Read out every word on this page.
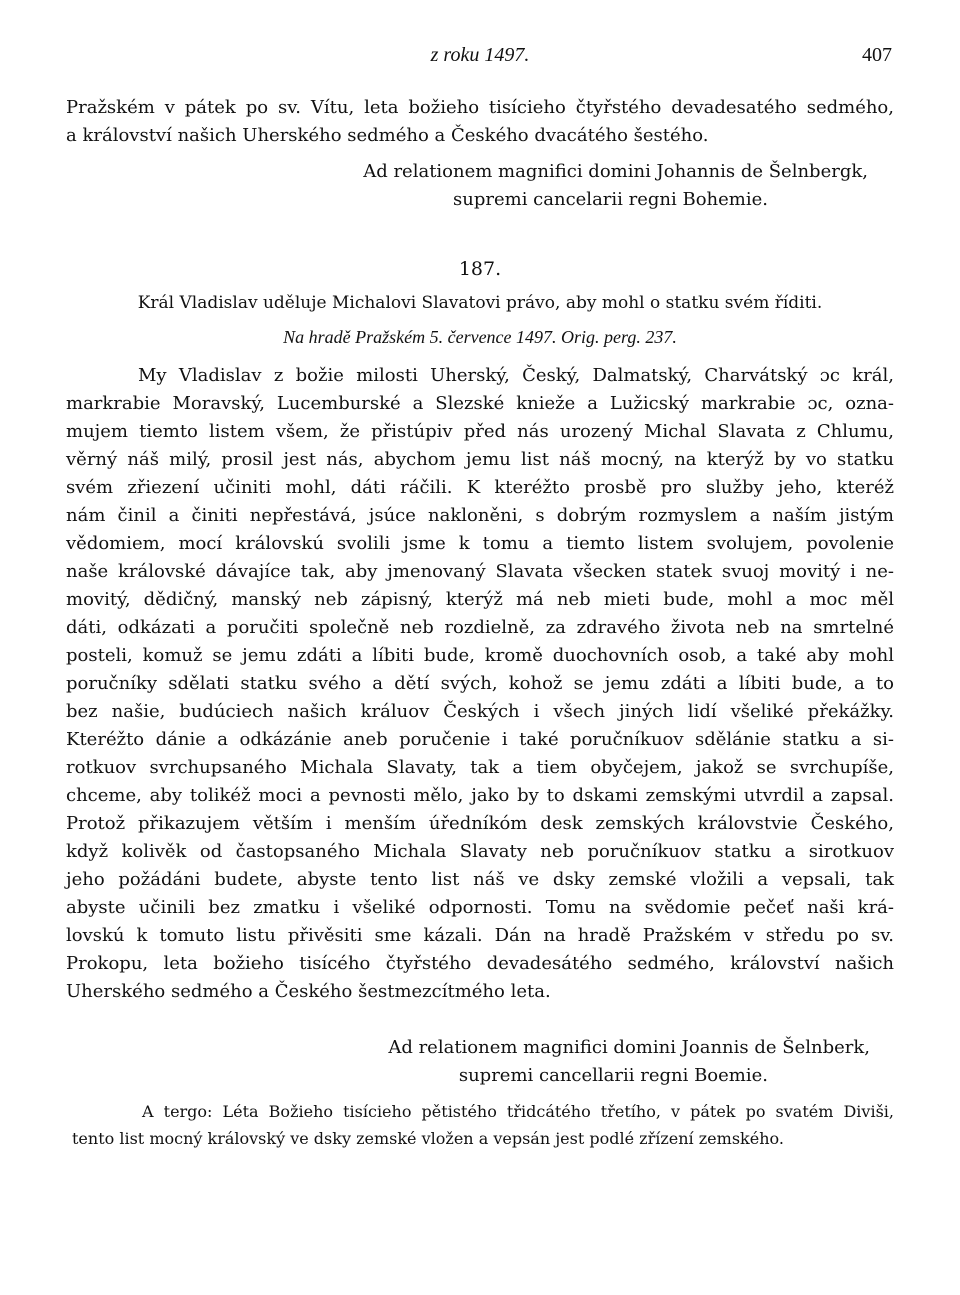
z roku 1497.	407
Pražském v pátek po sv. Vítu, leta božieho tisícieho čtyřstého devadesatého sedmého,
a království našich Uherského sedmého a Českého dvacátého šestého.
Ad relationem magnifici domini Johannis de Šelnbergk,
supremi cancelarii regni Bohemie.
187.
Král Vladislav uděluje Michalovi Slavatovi právo, aby mohl o statku svém říditi.
Na hradě Pražském 5. července 1497. Orig. perg. 237.
My Vladislav z božie milosti Uherský, Český, Dalmatský, Charvátský ɔc král,
markrabie Moravský, Lucemburské a Slezské knieže a Lužicský markrabie ɔc, ozna-
mujem tiemto listem všem, že přistúpiv před nás urozený Michal Slavata z Chlumu,
věrný náš milý, prosil jest nás, abychom jemu list náš mocný, na kterýž by vo statku
svém zřiezení učiniti mohl, dáti ráčili. K kteréžto prosbě pro služby jeho, kteréž
nám činil a činiti nepřestává, jsúce nakloněni, s dobrým rozmyslem a naším jistým
vědomiem, mocí královskú svolili jsme k tomu a tiemto listem svolujem, povolenie
naše královské dávajíce tak, aby jmenovaný Slavata všecken statek svuoj movitý i ne-
movitý, dědičný, manský neb zápisný, kterýž má neb mieti bude, mohl a moc měl
dáti, odkázati a poručiti společně neb rozdielně, za zdravého života neb na smrtelné
posteli, komuž se jemu zdáti a líbiti bude, kromě duochovních osob, a také aby mohl
poručníky sdělati statku svého a dětí svých, kohož se jemu zdáti a líbiti bude, a to
bez našie, budúciech našich králuov Českých i všech jiných lidí všeliké překážky.
Kteréžto dánie a odkázánie aneb poručenie i také poručníkuov sdělánie statku a si-
rotkuov svrchupsaného Michala Slavaty, tak a tiem obyčejem, jakož se svrchupíše,
chceme, aby tolikéž moci a pevnosti mělo, jako by to dskami zemskými utvrdil a zapsal.
Protož přikazujem větším i menším úředníkóm desk zemských královstvie Českého,
když kolivěk od častopsaného Michala Slavaty neb poručníkuov statku a sirotkuov
jeho požádáni budete, abyste tento list náš ve dsky zemské vložili a vepsali, tak
abyste učinili bez zmatku i všeliké odpornosti. Tomu na svědomie pečeť naši krá-
lovskú k tomuto listu přivěsiti sme kázali. Dán na hradě Pražském v středu po sv.
Prokopu, leta božieho tisícého čtyřstého devadesátého sedmého, království našich
Uherského sedmého a Českého šestmezcítmého leta.
Ad relationem magnifici domini Joannis de Šelnberk,
supremi cancellarii regni Boemie.
A tergo: Léta Božieho tisícieho pětistého třidcátého třetího, v pátek po svatém Diviši,
tento list mocný královský ve dsky zemské vložen a vepsán jest podlé zřízení zemského.
